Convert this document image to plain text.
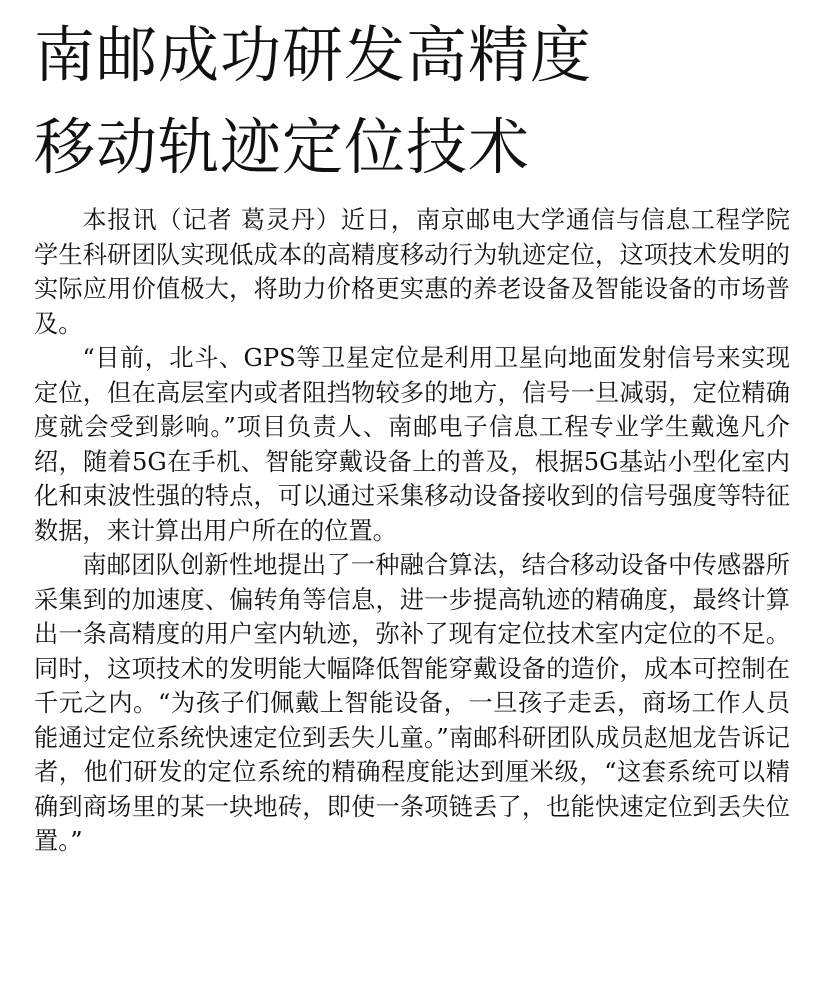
南邮成功研发高精度
移动轨迹定位技术

本报讯（记者 葛灵丹）近日，南京邮电大学通信与信息工程学院学生科研团队实现低成本的高精度移动行为轨迹定位，这项技术发明的实际应用价值极大，将助力价格更实惠的养老设备及智能设备的市场普及。

“目前，北斗、GPS等卫星定位是利用卫星向地面发射信号来实现定位，但在高层室内或者阻挡物较多的地方，信号一旦减弱，定位精确度就会受到影响。”项目负责人、南邮电子信息工程专业学生戴逸凡介绍，随着5G在手机、智能穿戴设备上的普及，根据5G基站小型化室内化和束波性强的特点，可以通过采集移动设备接收到的信号强度等特征数据，来计算出用户所在的位置。

南邮团队创新性地提出了一种融合算法，结合移动设备中传感器所采集到的加速度、偏转角等信息，进一步提高轨迹的精确度，最终计算出一条高精度的用户室内轨迹，弥补了现有定位技术室内定位的不足。同时，这项技术的发明能大幅降低智能穿戴设备的造价，成本可控制在千元之内。“为孩子们佩戴上智能设备，一旦孩子走丢，商场工作人员能通过定位系统快速定位到丢失儿童。”南邮科研团队成员赵旭龙告诉记者，他们研发的定位系统的精确程度能达到厘米级，“这套系统可以精确到商场里的某一块地砖，即使一条项链丢了，也能快速定位到丢失位置。”
